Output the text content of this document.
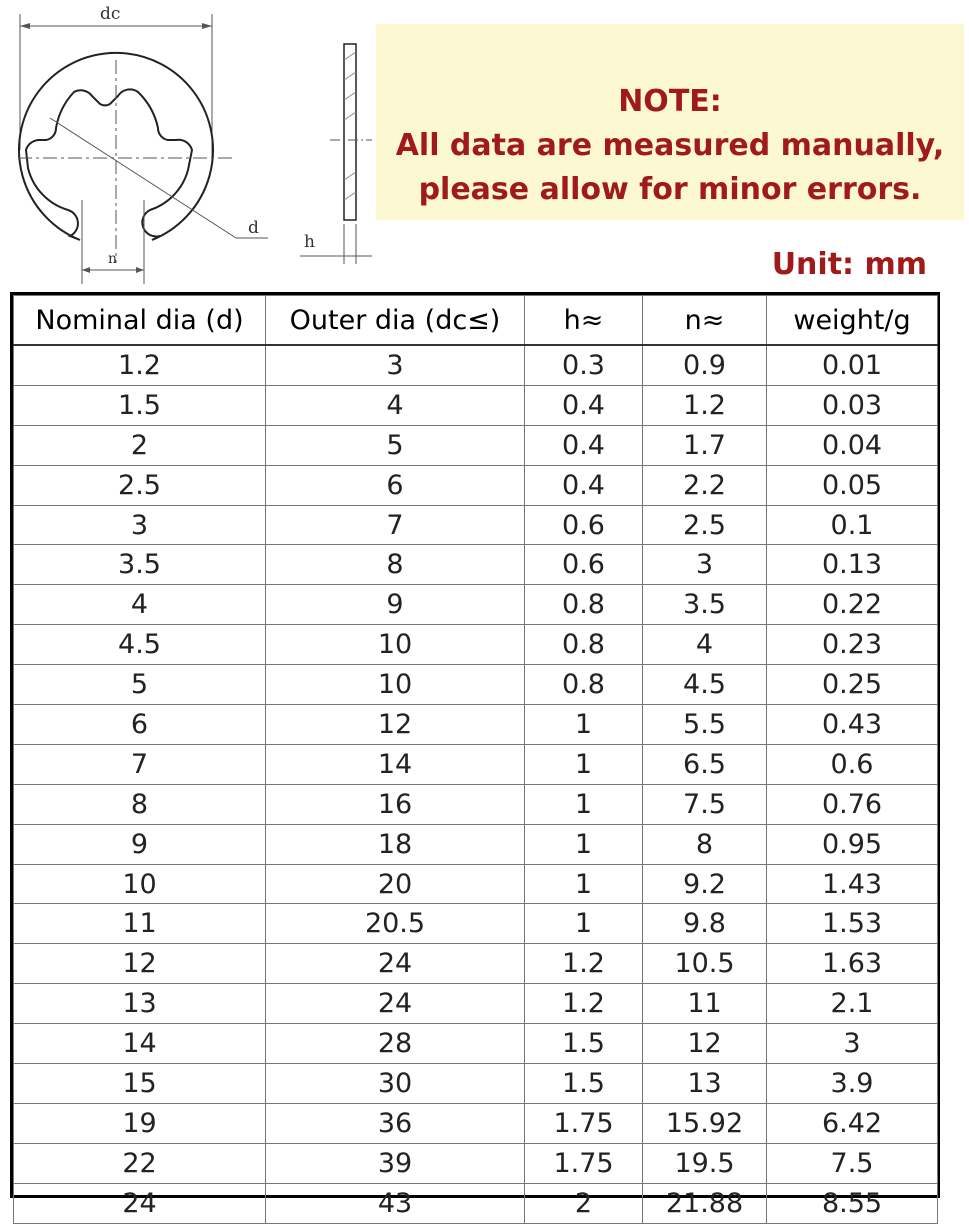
dc
d
n
h
NOTE:
All data are measured manually,
please allow for minor errors.
Unit: mm
Nominal dia (d)	Outer dia (dc≤)	h≈	n≈	weight/g
1.2	3	0.3	0.9	0.01
1.5	4	0.4	1.2	0.03
2	5	0.4	1.7	0.04
2.5	6	0.4	2.2	0.05
3	7	0.6	2.5	0.1
3.5	8	0.6	3	0.13
4	9	0.8	3.5	0.22
4.5	10	0.8	4	0.23
5	10	0.8	4.5	0.25
6	12	1	5.5	0.43
7	14	1	6.5	0.6
8	16	1	7.5	0.76
9	18	1	8	0.95
10	20	1	9.2	1.43
11	20.5	1	9.8	1.53
12	24	1.2	10.5	1.63
13	24	1.2	11	2.1
14	28	1.5	12	3
15	30	1.5	13	3.9
19	36	1.75	15.92	6.42
22	39	1.75	19.5	7.5
24	43	2	21.88	8.55
